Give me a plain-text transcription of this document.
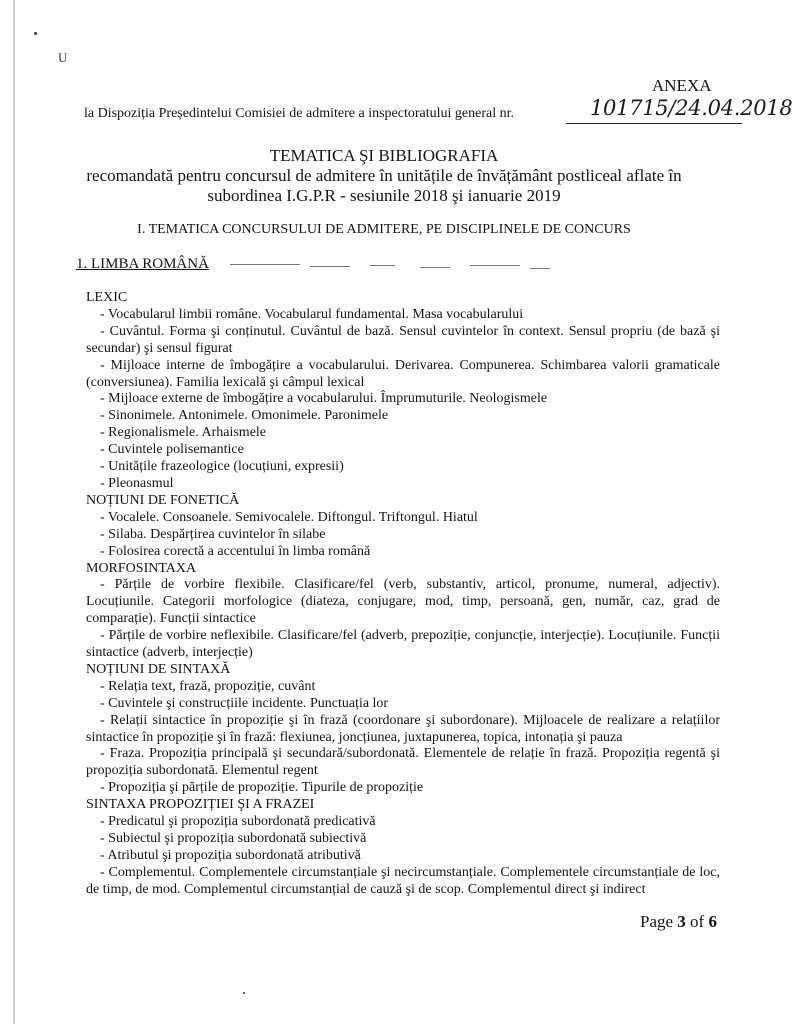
U
ANEXA
la Dispoziția Președintelui Comisiei de admitere a inspectoratului general nr.	101715/24.04.2018
TEMATICA ŞI BIBLIOGRAFIA
recomandată pentru concursul de admitere în unitățile de învățământ postliceal aflate în
subordinea I.G.P.R - sesiunile 2018 şi ianuarie 2019
I. TEMATICA CONCURSULUI DE ADMITERE, PE DISCIPLINELE DE CONCURS
1. LIMBA ROMÂNĂ
LEXIC
- Vocabularul limbii române. Vocabularul fundamental. Masa vocabularului
- Cuvântul. Forma şi conținutul. Cuvântul de bază. Sensul cuvintelor în context. Sensul propriu (de bază şi secundar) şi sensul figurat
- Mijloace interne de îmbogățire a vocabularului. Derivarea. Compunerea. Schimbarea valorii gramaticale (conversiunea). Familia lexicală şi câmpul lexical
- Mijloace externe de îmbogățire a vocabularului. Împrumuturile. Neologismele
- Sinonimele. Antonimele. Omonimele. Paronimele
- Regionalismele. Arhaismele
- Cuvintele polisemantice
- Unitățile frazeologice (locuțiuni, expresii)
- Pleonasmul
NOȚIUNI DE FONETICĂ
- Vocalele. Consoanele. Semivocalele. Diftongul. Triftongul. Hiatul
- Silaba. Despărțirea cuvintelor în silabe
- Folosirea corectă a accentului în limba română
MORFOSINTAXA
- Părțile de vorbire flexibile. Clasificare/fel (verb, substantiv, articol, pronume, numeral, adjectiv). Locuțiunile. Categorii morfologice (diateza, conjugare, mod, timp, persoană, gen, număr, caz, grad de comparație). Funcții sintactice
- Părțile de vorbire neflexibile. Clasificare/fel (adverb, prepoziție, conjuncție, interjecție). Locuțiunile. Funcții sintactice (adverb, interjecție)
NOȚIUNI DE SINTAXĂ
- Relația text, frază, propoziție, cuvânt
- Cuvintele şi construcțiile incidente. Punctuația lor
- Relații sintactice în propoziție şi în frază (coordonare şi subordonare). Mijloacele de realizare a relațiilor sintactice în propoziție şi în frază: flexiunea, joncțiunea, juxtapunerea, topica, intonația şi pauza
- Fraza. Propoziția principală şi secundară/subordonată. Elementele de relație în frază. Propoziția regentă şi propoziția subordonată. Elementul regent
- Propoziția şi părțile de propoziție. Tipurile de propoziție
SINTAXA PROPOZIȚIEI ŞI A FRAZEI
- Predicatul şi propoziția subordonată predicativă
- Subiectul şi propoziția subordonată subiectivă
- Atributul şi propoziția subordonată atributivă
- Complementul. Complementele circumstanțiale şi necircumstanțiale. Complementele circumstanțiale de loc, de timp, de mod. Complementul circumstanțial de cauză şi de scop. Complementul direct şi indirect
Page 3 of 6
